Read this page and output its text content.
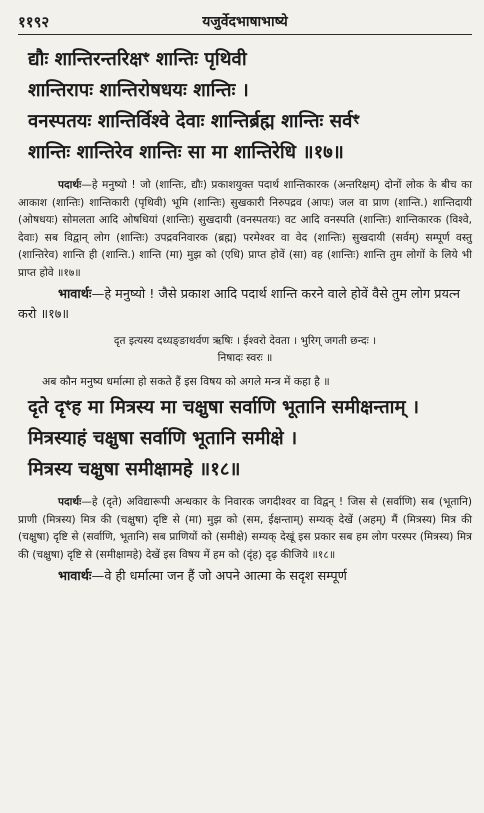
११९२	यजुर्वेदभाषाभाष्ये
द्यौः शान्तिरन्तरिक्षꣳ शान्तिः पृथिवी
शान्तिरापः शान्तिरोषधयः शान्तिः ।
वनस्पतयः शान्तिर्विश्वे देवाः शान्तिर्ब्रह्म शान्तिः सर्वꣳ
शान्तिः शान्तिरेव शान्तिः सा मा शान्तिरेधि ॥१७॥

पदार्थः—हे मनुष्यो ! जो (शान्तिः, द्यौः) प्रकाशयुक्त पदार्थ शान्तिकारक (अन्तरिक्षम्) दोनों लोक के बीच का आकाश (शान्तिः) शान्तिकारी (पृथिवी) भूमि (शान्तिः) सुखकारी निरुपद्रव (आपः) जल वा प्राण (शान्ति.) शान्तिदायी (ओषधयः) सोमलता आदि ओषधियां (शान्तिः) सुखदायी (वनस्पतयः) वट आदि वनस्पति (शान्तिः) शान्तिकारक (विश्वे, देवाः) सब विद्वान् लोग (शान्तिः) उपद्रवनिवारक (ब्रह्म) परमेश्वर वा वेद (शान्तिः) सुखदायी (सर्वम्) सम्पूर्ण वस्तु (शान्तिरेव) शान्ति ही (शान्ति.) शान्ति (मा) मुझ को (एधि) प्राप्त होवें (सा) वह (शान्तिः) शान्ति तुम लोगों के लिये भी प्राप्त होवे ॥१७॥

भावार्थः—हे मनुष्यो ! जैसे प्रकाश आदि पदार्थ शान्ति करने वाले होवें वैसे तुम लोग प्रयत्न करो ॥१७॥

दृत इत्यस्य दध्यङ्ङाथर्वण ऋषिः । ईश्वरो देवता । भुरिग् जगती छन्दः ।
निषादः स्वरः ॥

अब कौन मनुष्य धर्मात्मा हो सकते हैं इस विषय को अगले मन्त्र में कहा है ॥

दृते दृꣳह मा मित्रस्य मा चक्षुषा सर्वाणि भूतानि समीक्षन्ताम् ।
मित्रस्याहं चक्षुषा सर्वाणि भूतानि समीक्षे ।
मित्रस्य चक्षुषा समीक्षामहे ॥१८॥

पदार्थः—हे (दृते) अविद्यारूपी अन्धकार के निवारक जगदीश्वर वा विद्वन् ! जिस से (सर्वाणि) सब (भूतानि) प्राणी (मित्रस्य) मित्र की (चक्षुषा) दृष्टि से (मा) मुझ को (सम, ईक्षन्ताम्) सम्यक् देखें (अहम्) मैं (मित्रस्य) मित्र की (चक्षुषा) दृष्टि से (सर्वाणि, भूतानि) सब प्राणियों को (समीक्षे) सम्यक् देखूं इस प्रकार सब हम लोग परस्पर (मित्रस्य) मित्र की (चक्षुषा) दृष्टि से (समीक्षामहे) देखें इस विषय में हम को (दृंह) दृढ़ कीजिये ॥१८॥

भावार्थः—वे ही धर्मात्मा जन हैं जो अपने आत्मा के सदृश सम्पूर्ण
